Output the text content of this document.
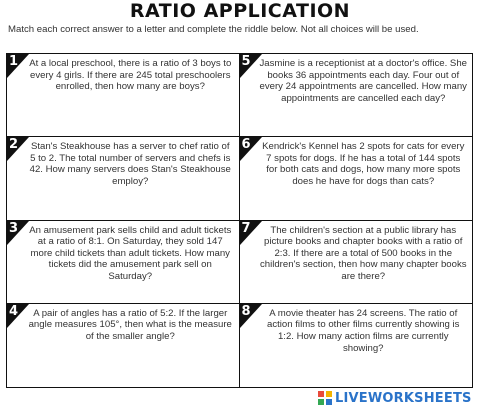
RATIO APPLICATION
Match each correct answer to a letter and complete the riddle below. Not all choices will be used.
1 At a local preschool, there is a ratio of 3 boys to every 4 girls. If there are 245 total preschoolers enrolled, then how many are boys?
5 Jasmine is a receptionist at a doctor's office. She books 36 appointments each day. Four out of every 24 appointments are cancelled. How many appointments are cancelled each day?
2	Stan's Steakhouse has a server to chef ratio of 5 to 2. The total number of servers and chefs is 42. How many servers does Stan's Steakhouse employ?
6 Kendrick's Kennel has 2 spots for cats for every 7 spots for dogs. If he has a total of 144 spots for both cats and dogs, how many more spots does he have for dogs than cats?
3 An amusement park sells child and adult tickets at a ratio of 8:1. On Saturday, they sold 147 more child tickets than adult tickets. How many tickets did the amusement park sell on Saturday?
7	The children's section at a public library has picture books and chapter books with a ratio of 2:3. If there are a total of 500 books in the children's section, then how many chapter books are there?
4	A pair of angles has a ratio of 5:2. If the larger angle measures 105°, then what is the measure of the smaller angle?
8	A movie theater has 24 screens. The ratio of action films to other films currently showing is 1:2. How many action films are currently showing?
LIVEWORKSHEETS
